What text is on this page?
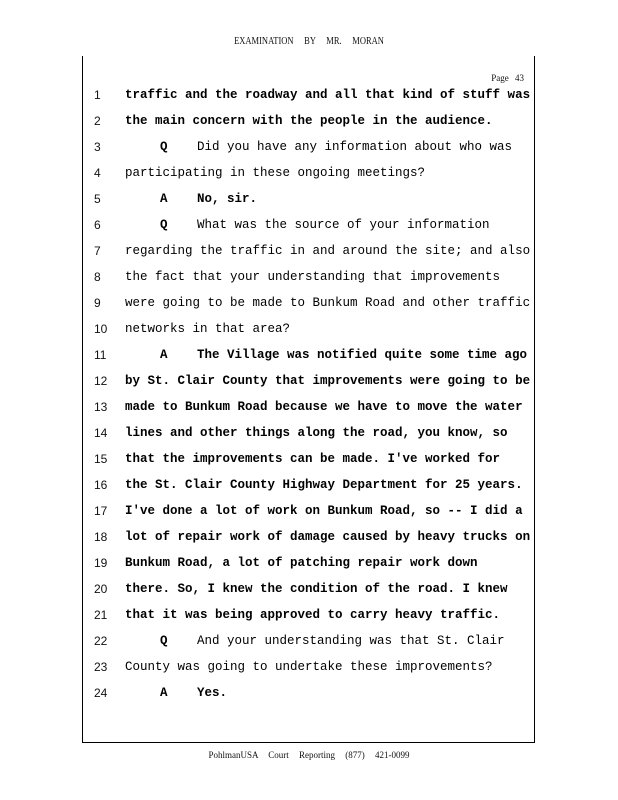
EXAMINATION BY MR. MORAN
Page 43
1	traffic and the roadway and all that kind of stuff was
2	the main concern with the people in the audience.
3	Q Did you have any information about who was
4	participating in these ongoing meetings?
5	A No, sir.
6	Q What was the source of your information
7	regarding the traffic in and around the site; and also
8	the fact that your understanding that improvements
9	were going to be made to Bunkum Road and other traffic
10 networks in that area?
11	A The Village was notified quite some time ago
12 by St. Clair County that improvements were going to be
13 made to Bunkum Road because we have to move the water
14 lines and other things along the road, you know, so
15 that the improvements can be made. I've worked for
16 the St. Clair County Highway Department for 25 years.
17 I've done a lot of work on Bunkum Road, so -- I did a
18 lot of repair work of damage caused by heavy trucks on
19 Bunkum Road, a lot of patching repair work down
20 there. So, I knew the condition of the road. I knew
21 that it was being approved to carry heavy traffic.
22	Q And your understanding was that St. Clair
23 County was going to undertake these improvements?
24	A Yes.
PohlmanUSA Court Reporting (877) 421-0099
